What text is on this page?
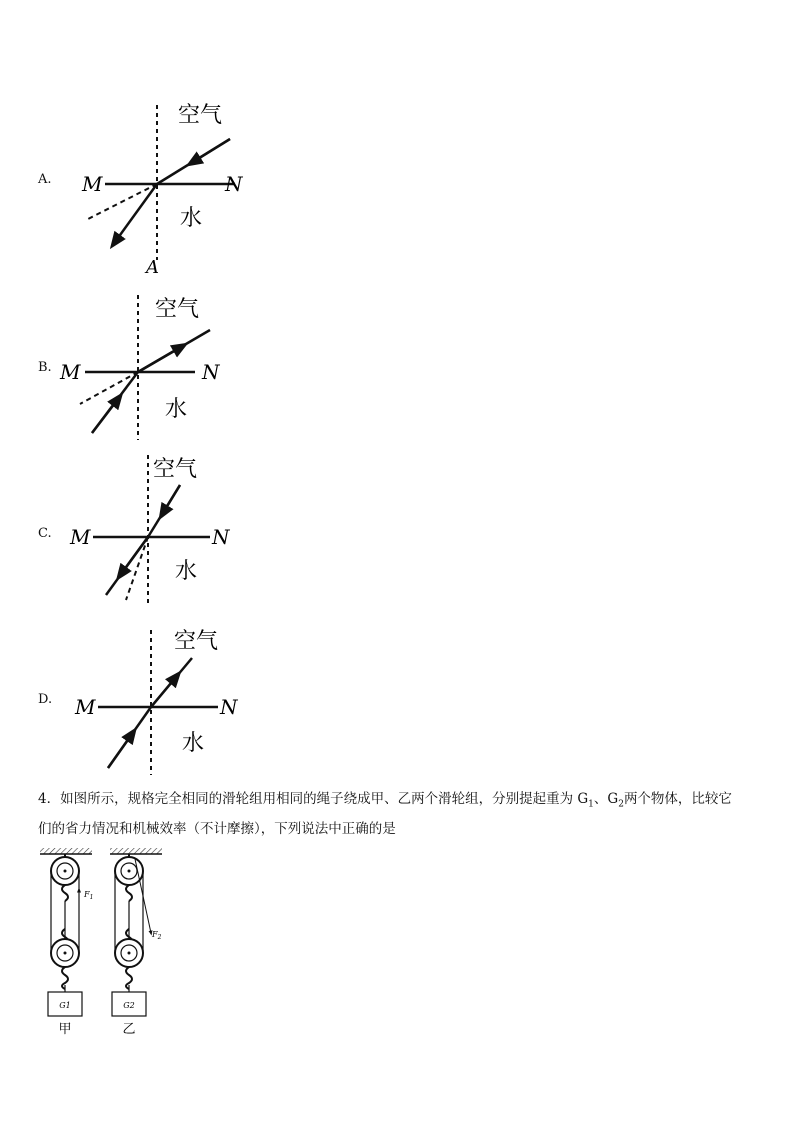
A.
空气
水
M	N
A
B.
空气
水
M	N
C.
空气
水
M	N
D.
空气
水
M	N
4．如图所示，规格完全相同的滑轮组用相同的绳子绕成甲、乙两个滑轮组，分别提起重为 $G_1$、$G_2$两个物体，比较它
们的省力情况和机械效率（不计摩擦），下列说法中正确的是
$F_1$
G1
甲
$F_2$
G2
乙
